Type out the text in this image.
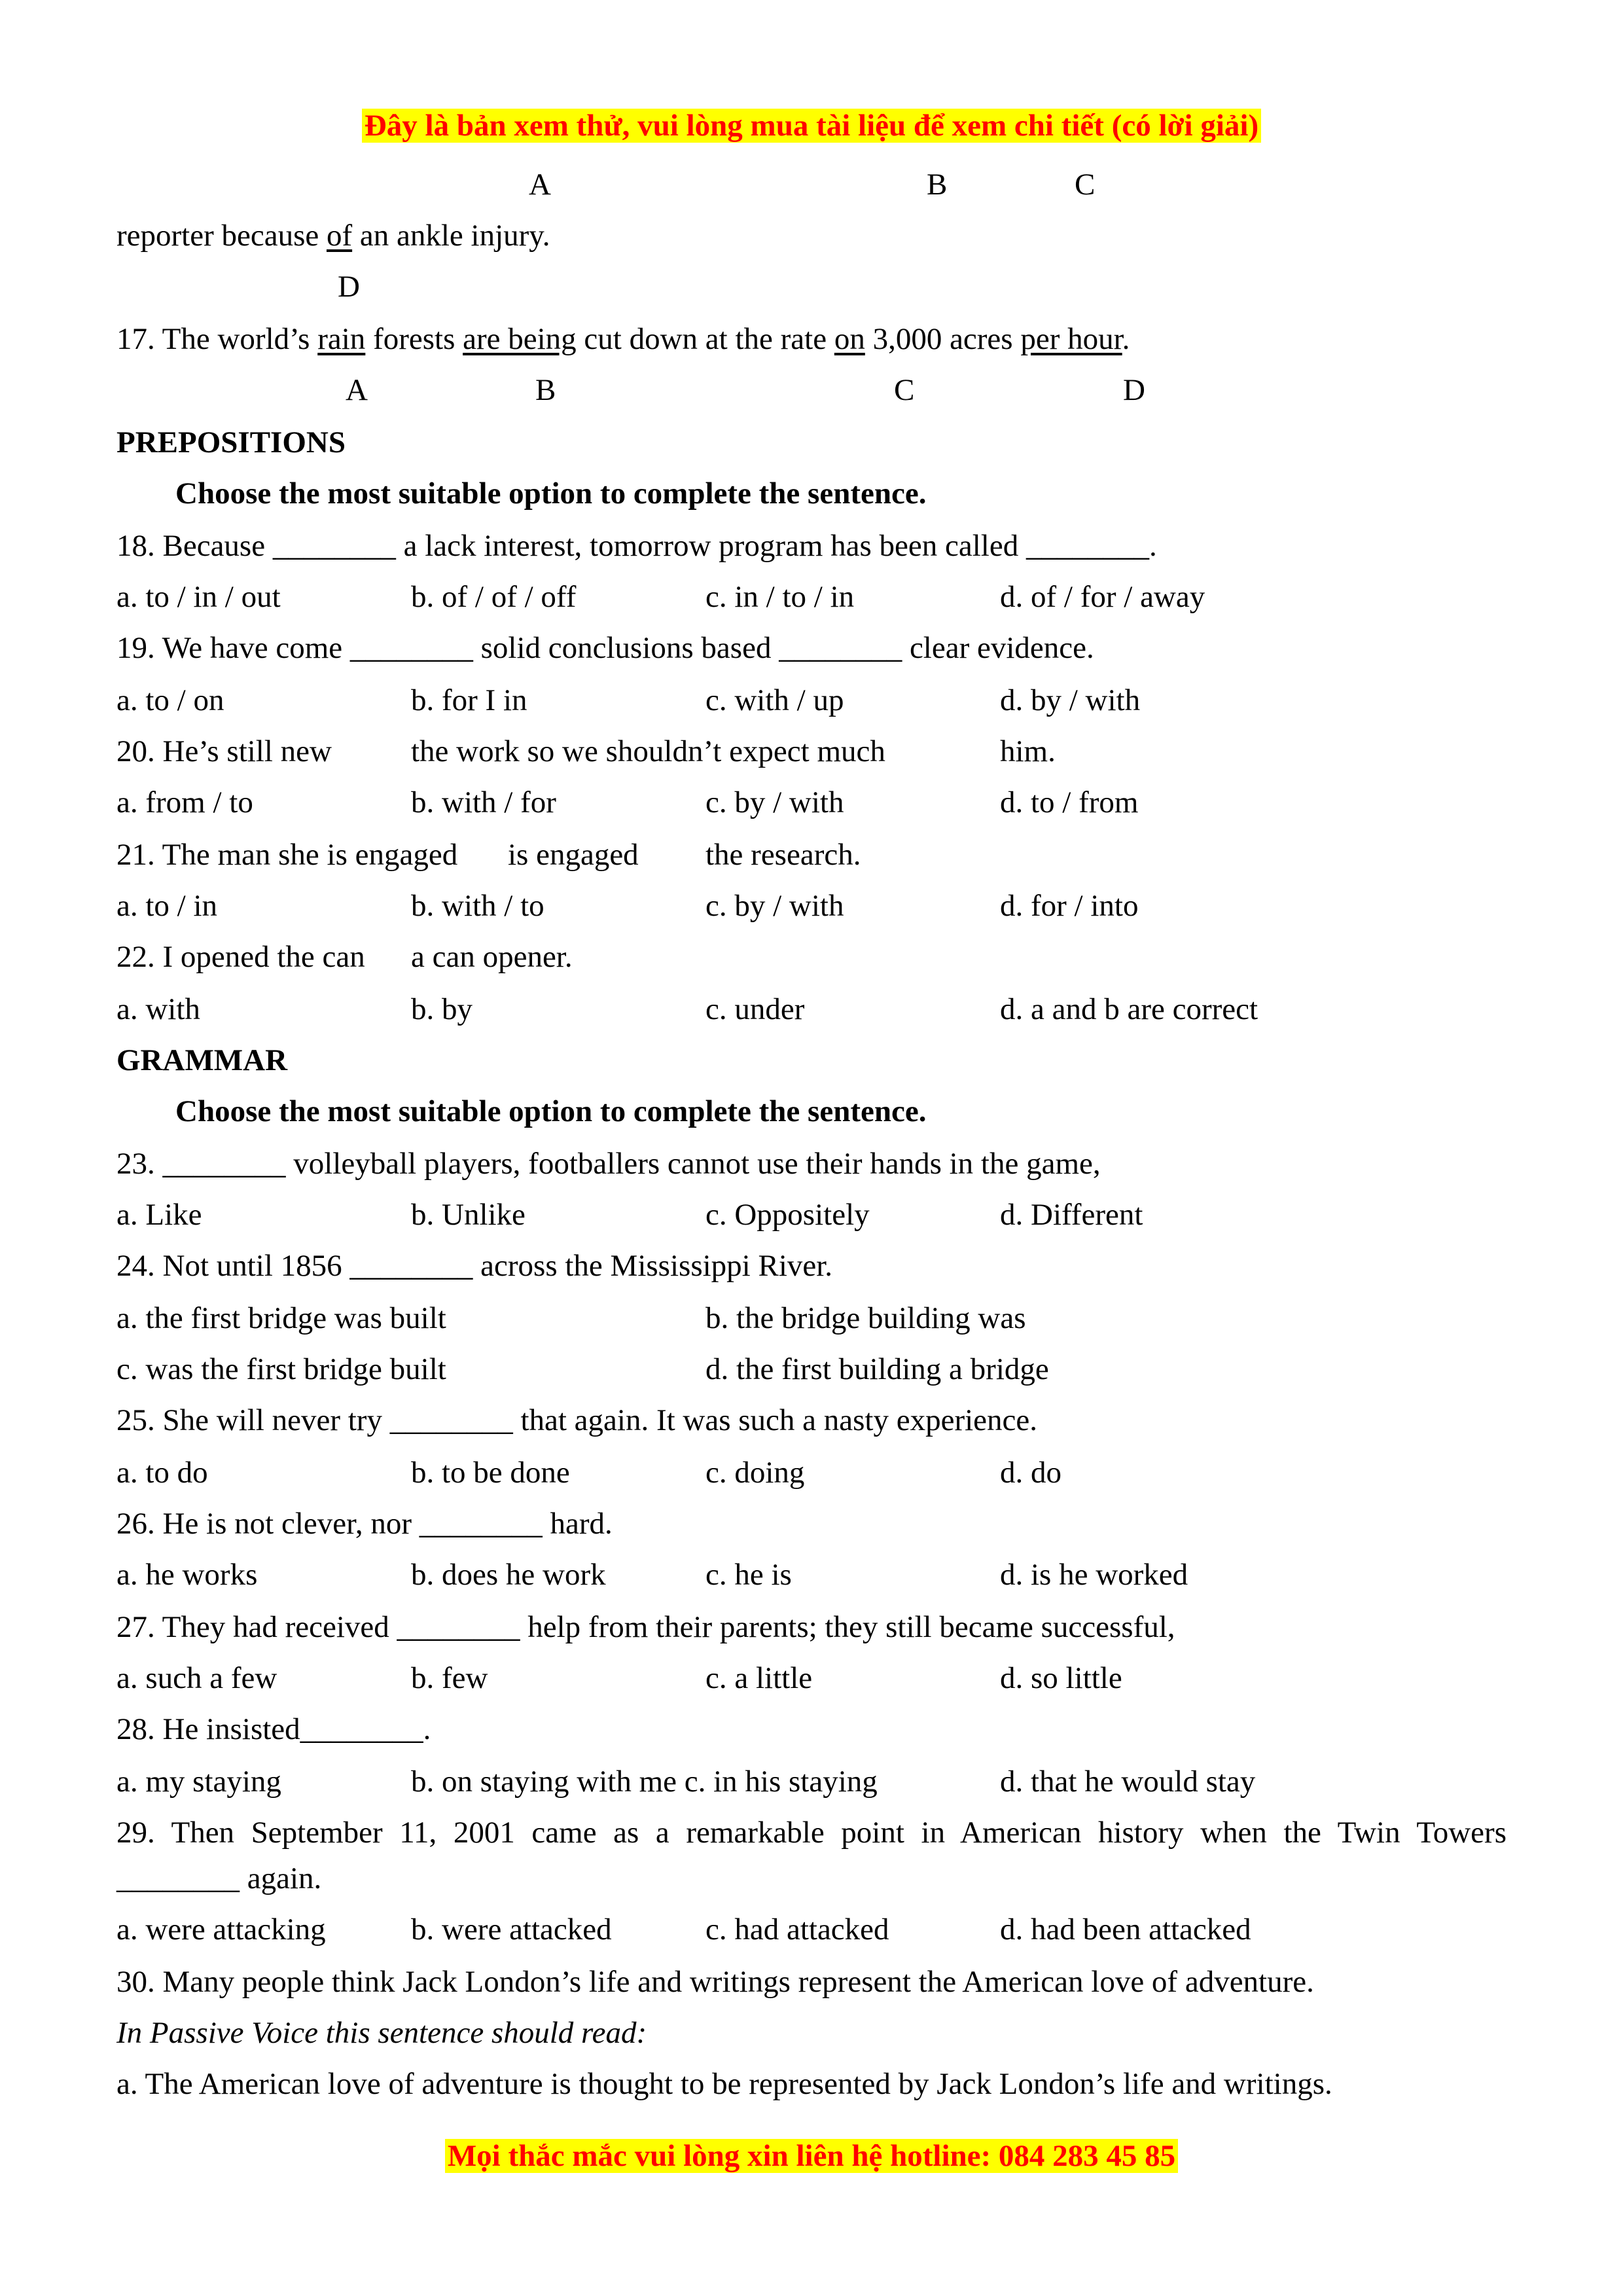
Đây là bản xem thử, vui lòng mua tài liệu để xem chi tiết (có lời giải)
A	B	C
reporter because of an ankle injury.
D
17. The world’s rain forests are being cut down at the rate on 3,000 acres per hour.
A	B	C	D
PREPOSITIONS
Choose the most suitable option to complete the sentence.
18. Because ________ a lack interest, tomorrow program has been called ________.
a. to / in / out	b. of / of / off	c. in / to / in	d. of / for / away
19. We have come ________ solid conclusions based ________ clear evidence.
a. to / on	b. for I in	c. with / up	d. by / with
20. He’s still new	the work so we shouldn’t expect much	him.
a. from / to	b. with / for	c. by / with	d. to / from
21. The man she is engaged is engaged the research.
a. to / in	b. with / to	c. by / with	d. for / into
22. I opened the can a can opener.
a. with	b. by	c. under	d. a and b are correct
GRAMMAR
Choose the most suitable option to complete the sentence.
23. ________ volleyball players, footballers cannot use their hands in the game,
a. Like	b. Unlike	c. Oppositely	d. Different
24. Not until 1856 ________ across the Mississippi River.
a. the first bridge was built	b. the bridge building was
c. was the first bridge built	d. the first building a bridge
25. She will never try ________ that again. It was such a nasty experience.
a. to do	b. to be done	c. doing	d. do
26. He is not clever, nor ________ hard.
a. he works	b. does he work	c. he is	d. is he worked
27. They had received ________ help from their parents; they still became successful,
a. such a few	b. few	c. a little	d. so little
28. He insisted________.
a. my staying	b. on staying with me c. in his staying	d. that he would stay
29. Then September 11, 2001 came as a remarkable point in American history when the Twin Towers
________ again.
a. were attacking	b. were attacked	c. had attacked	d. had been attacked
30. Many people think Jack London’s life and writings represent the American love of adventure.
In Passive Voice this sentence should read:
a. The American love of adventure is thought to be represented by Jack London’s life and writings.
Mọi thắc mắc vui lòng xin liên hệ hotline: 084 283 45 85
